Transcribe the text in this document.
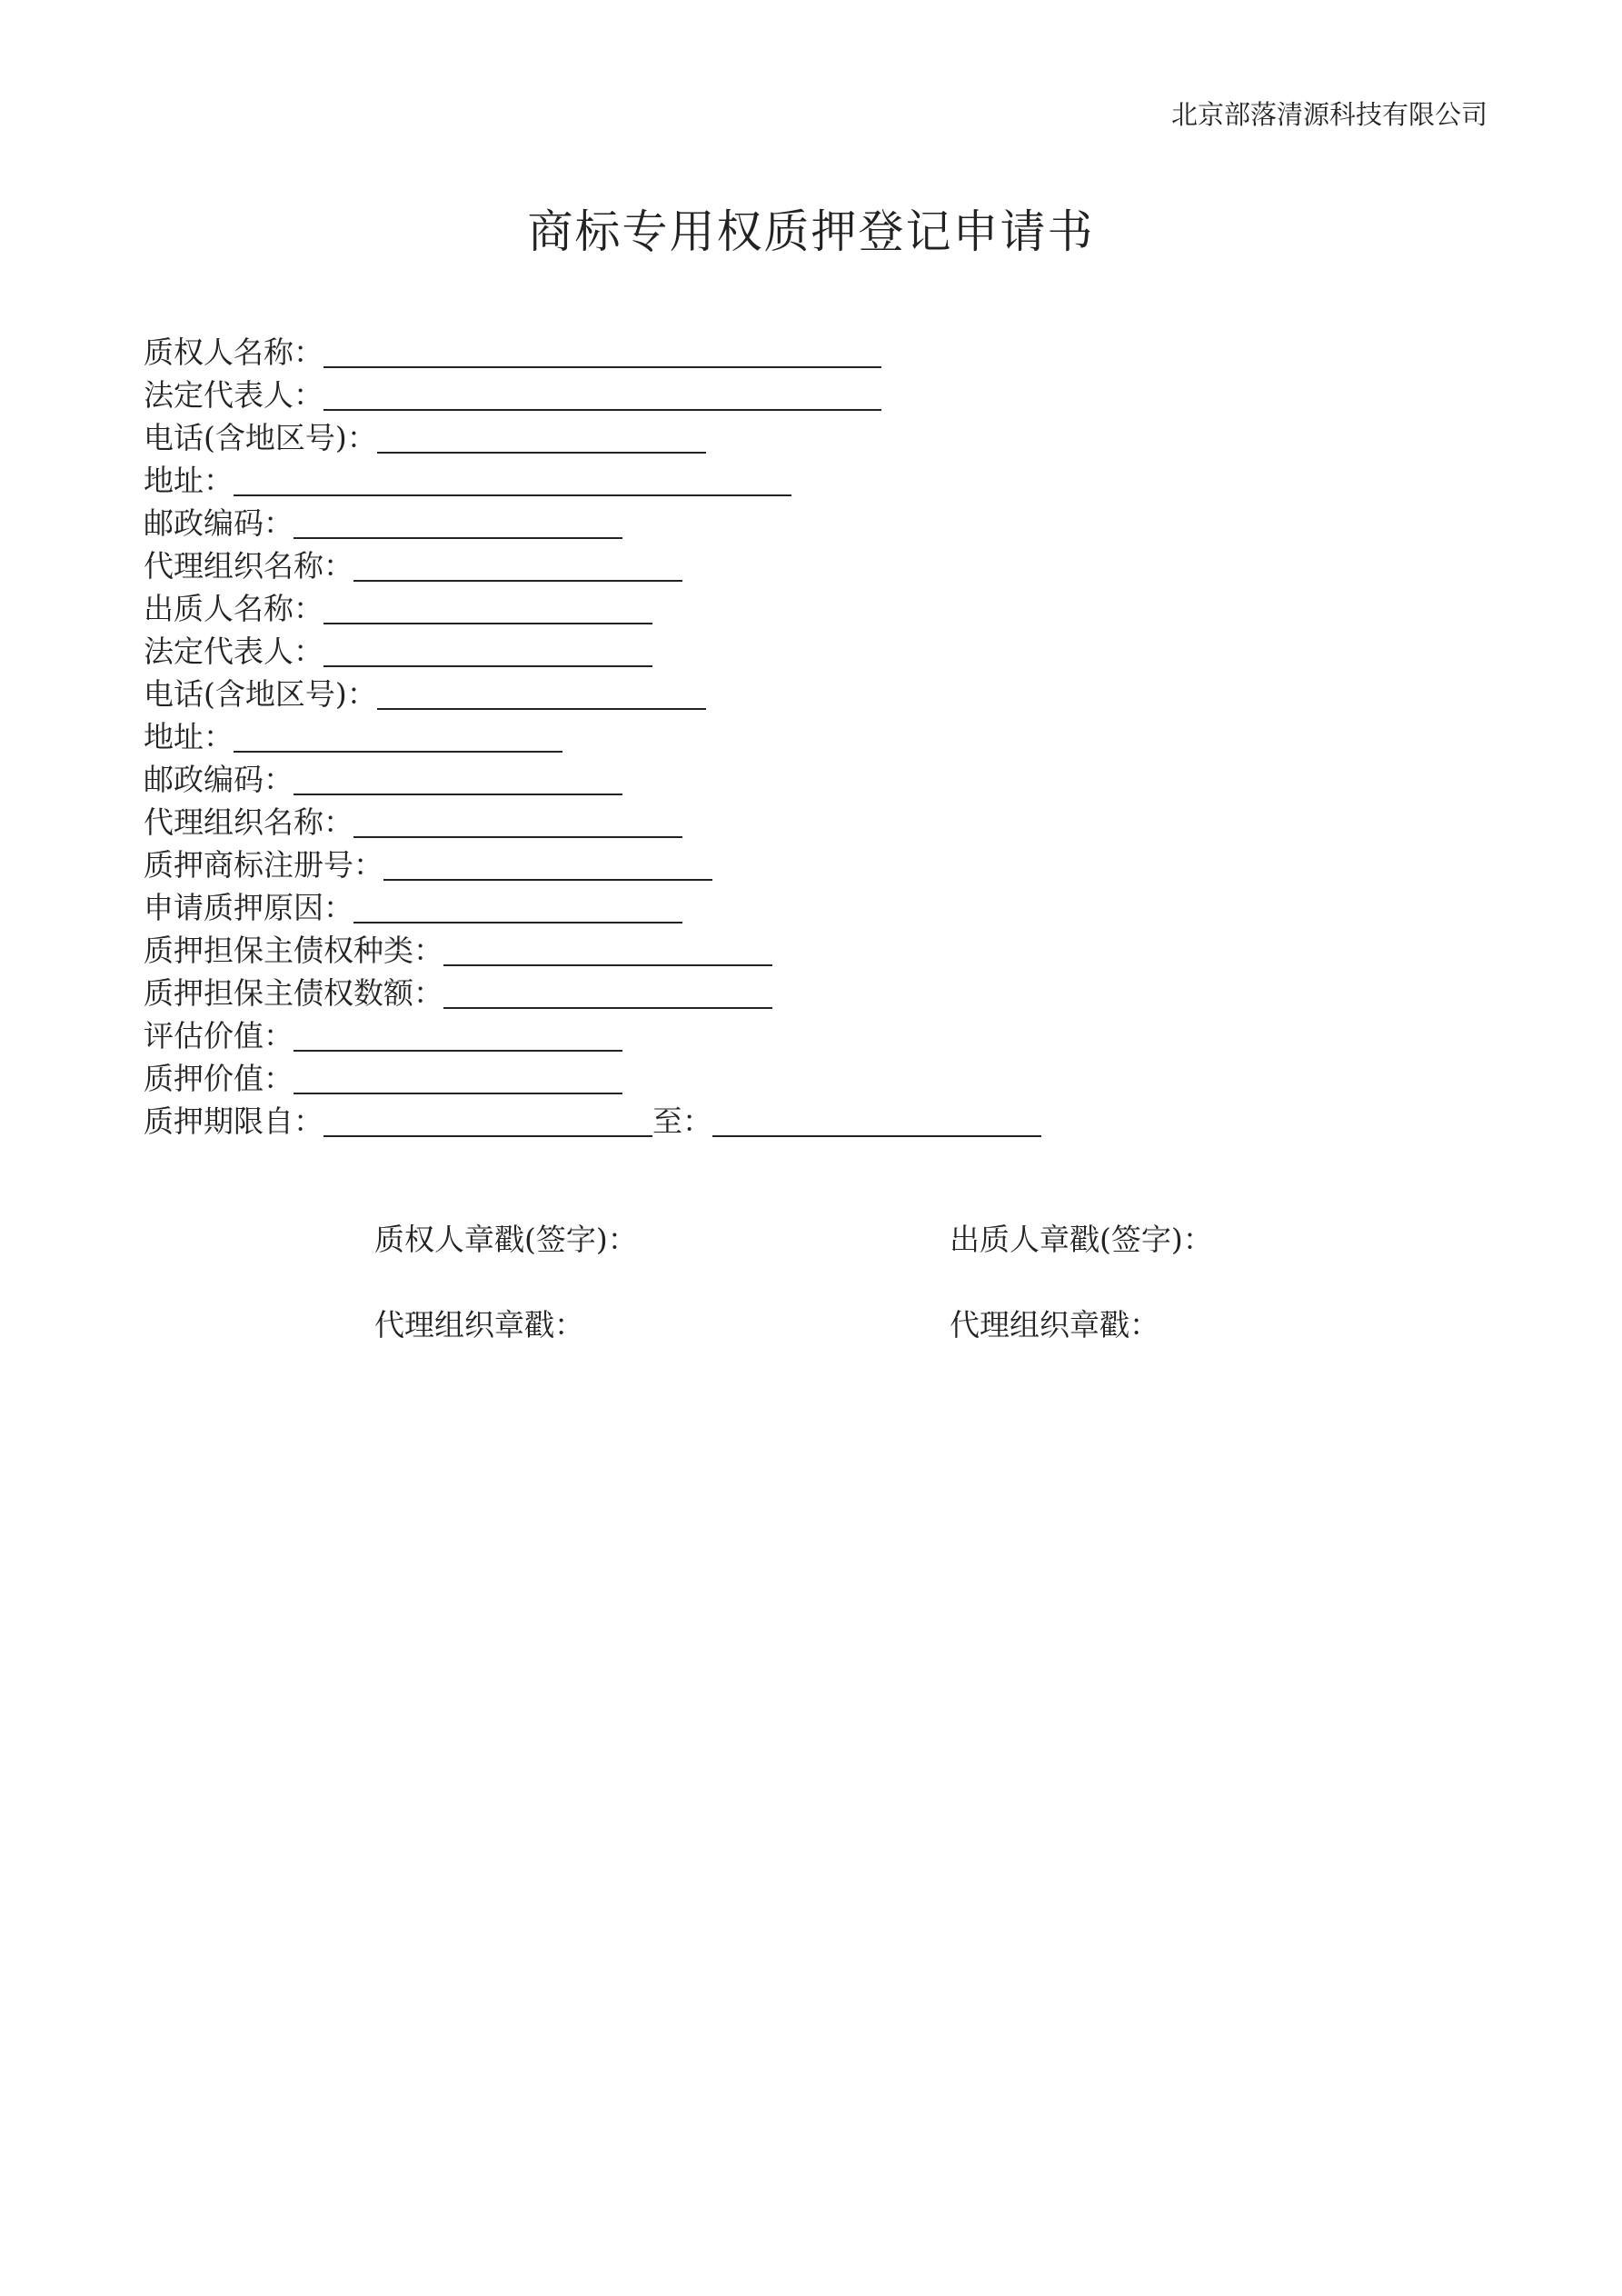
北京部落清源科技有限公司
商标专用权质押登记申请书
质权人名称：
法定代表人：
电话(含地区号)：
地址：
邮政编码：
代理组织名称：
出质人名称：
法定代表人：
电话(含地区号)：
地址：
邮政编码：
代理组织名称：
质押商标注册号：
申请质押原因：
质押担保主债权种类：
质押担保主债权数额：
评估价值：
质押价值：
质押期限自：	至：
质权人章戳(签字)：	出质人章戳(签字)：
代理组织章戳：	代理组织章戳：
